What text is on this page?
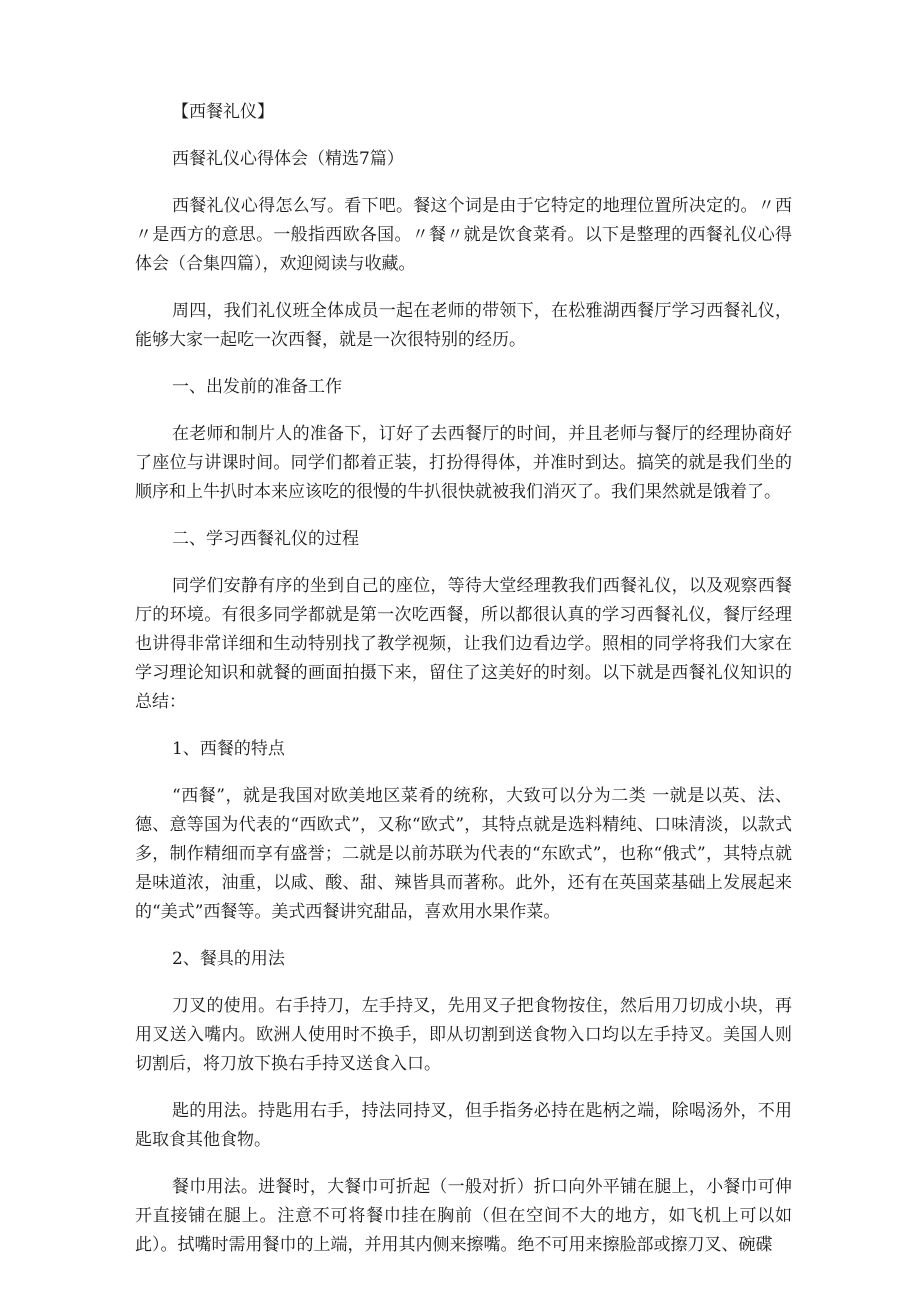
【西餐礼仪】

西餐礼仪心得体会（精选7篇）

西餐礼仪心得怎么写。看下吧。餐这个词是由于它特定的地理位置所决定的。〃西〃是西方的意思。一般指西欧各国。〃餐〃就是饮食菜肴。以下是整理的西餐礼仪心得体会（合集四篇），欢迎阅读与收藏。

周四，我们礼仪班全体成员一起在老师的带领下，在松雅湖西餐厅学习西餐礼仪，能够大家一起吃一次西餐，就是一次很特别的经历。

一、出发前的准备工作

在老师和制片人的准备下，订好了去西餐厅的时间，并且老师与餐厅的经理协商好了座位与讲课时间。同学们都着正装，打扮得得体，并准时到达。搞笑的就是我们坐的顺序和上牛扒时本来应该吃的很慢的牛扒很快就被我们消灭了。我们果然就是饿着了。

二、学习西餐礼仪的过程

同学们安静有序的坐到自己的座位，等待大堂经理教我们西餐礼仪，以及观察西餐厅的环境。有很多同学都就是第一次吃西餐，所以都很认真的学习西餐礼仪，餐厅经理也讲得非常详细和生动特别找了教学视频，让我们边看边学。照相的同学将我们大家在学习理论知识和就餐的画面拍摄下来，留住了这美好的时刻。以下就是西餐礼仪知识的总结：

1、西餐的特点

“西餐”，就是我国对欧美地区菜肴的统称，大致可以分为二类 一就是以英、法、德、意等国为代表的“西欧式”，又称“欧式”，其特点就是选料精纯、口味清淡，以款式多，制作精细而享有盛誉；二就是以前苏联为代表的“东欧式”，也称“俄式”，其特点就是味道浓，油重，以咸、酸、甜、辣皆具而著称。此外，还有在英国菜基础上发展起来的“美式”西餐等。美式西餐讲究甜品，喜欢用水果作菜。

2、餐具的用法

刀叉的使用。右手持刀，左手持叉，先用叉子把食物按住，然后用刀切成小块，再用叉送入嘴内。欧洲人使用时不换手，即从切割到送食物入口均以左手持叉。美国人则切割后，将刀放下换右手持叉送食入口。

匙的用法。持匙用右手，持法同持叉，但手指务必持在匙柄之端，除喝汤外，不用匙取食其他食物。

餐巾用法。进餐时，大餐巾可折起（一般对折）折口向外平铺在腿上，小餐巾可伸开直接铺在腿上。注意不可将餐巾挂在胸前（但在空间不大的地方，如飞机上可以如此）。拭嘴时需用餐巾的上端，并用其内侧来擦嘴。绝不可用来擦脸部或擦刀叉、碗碟
